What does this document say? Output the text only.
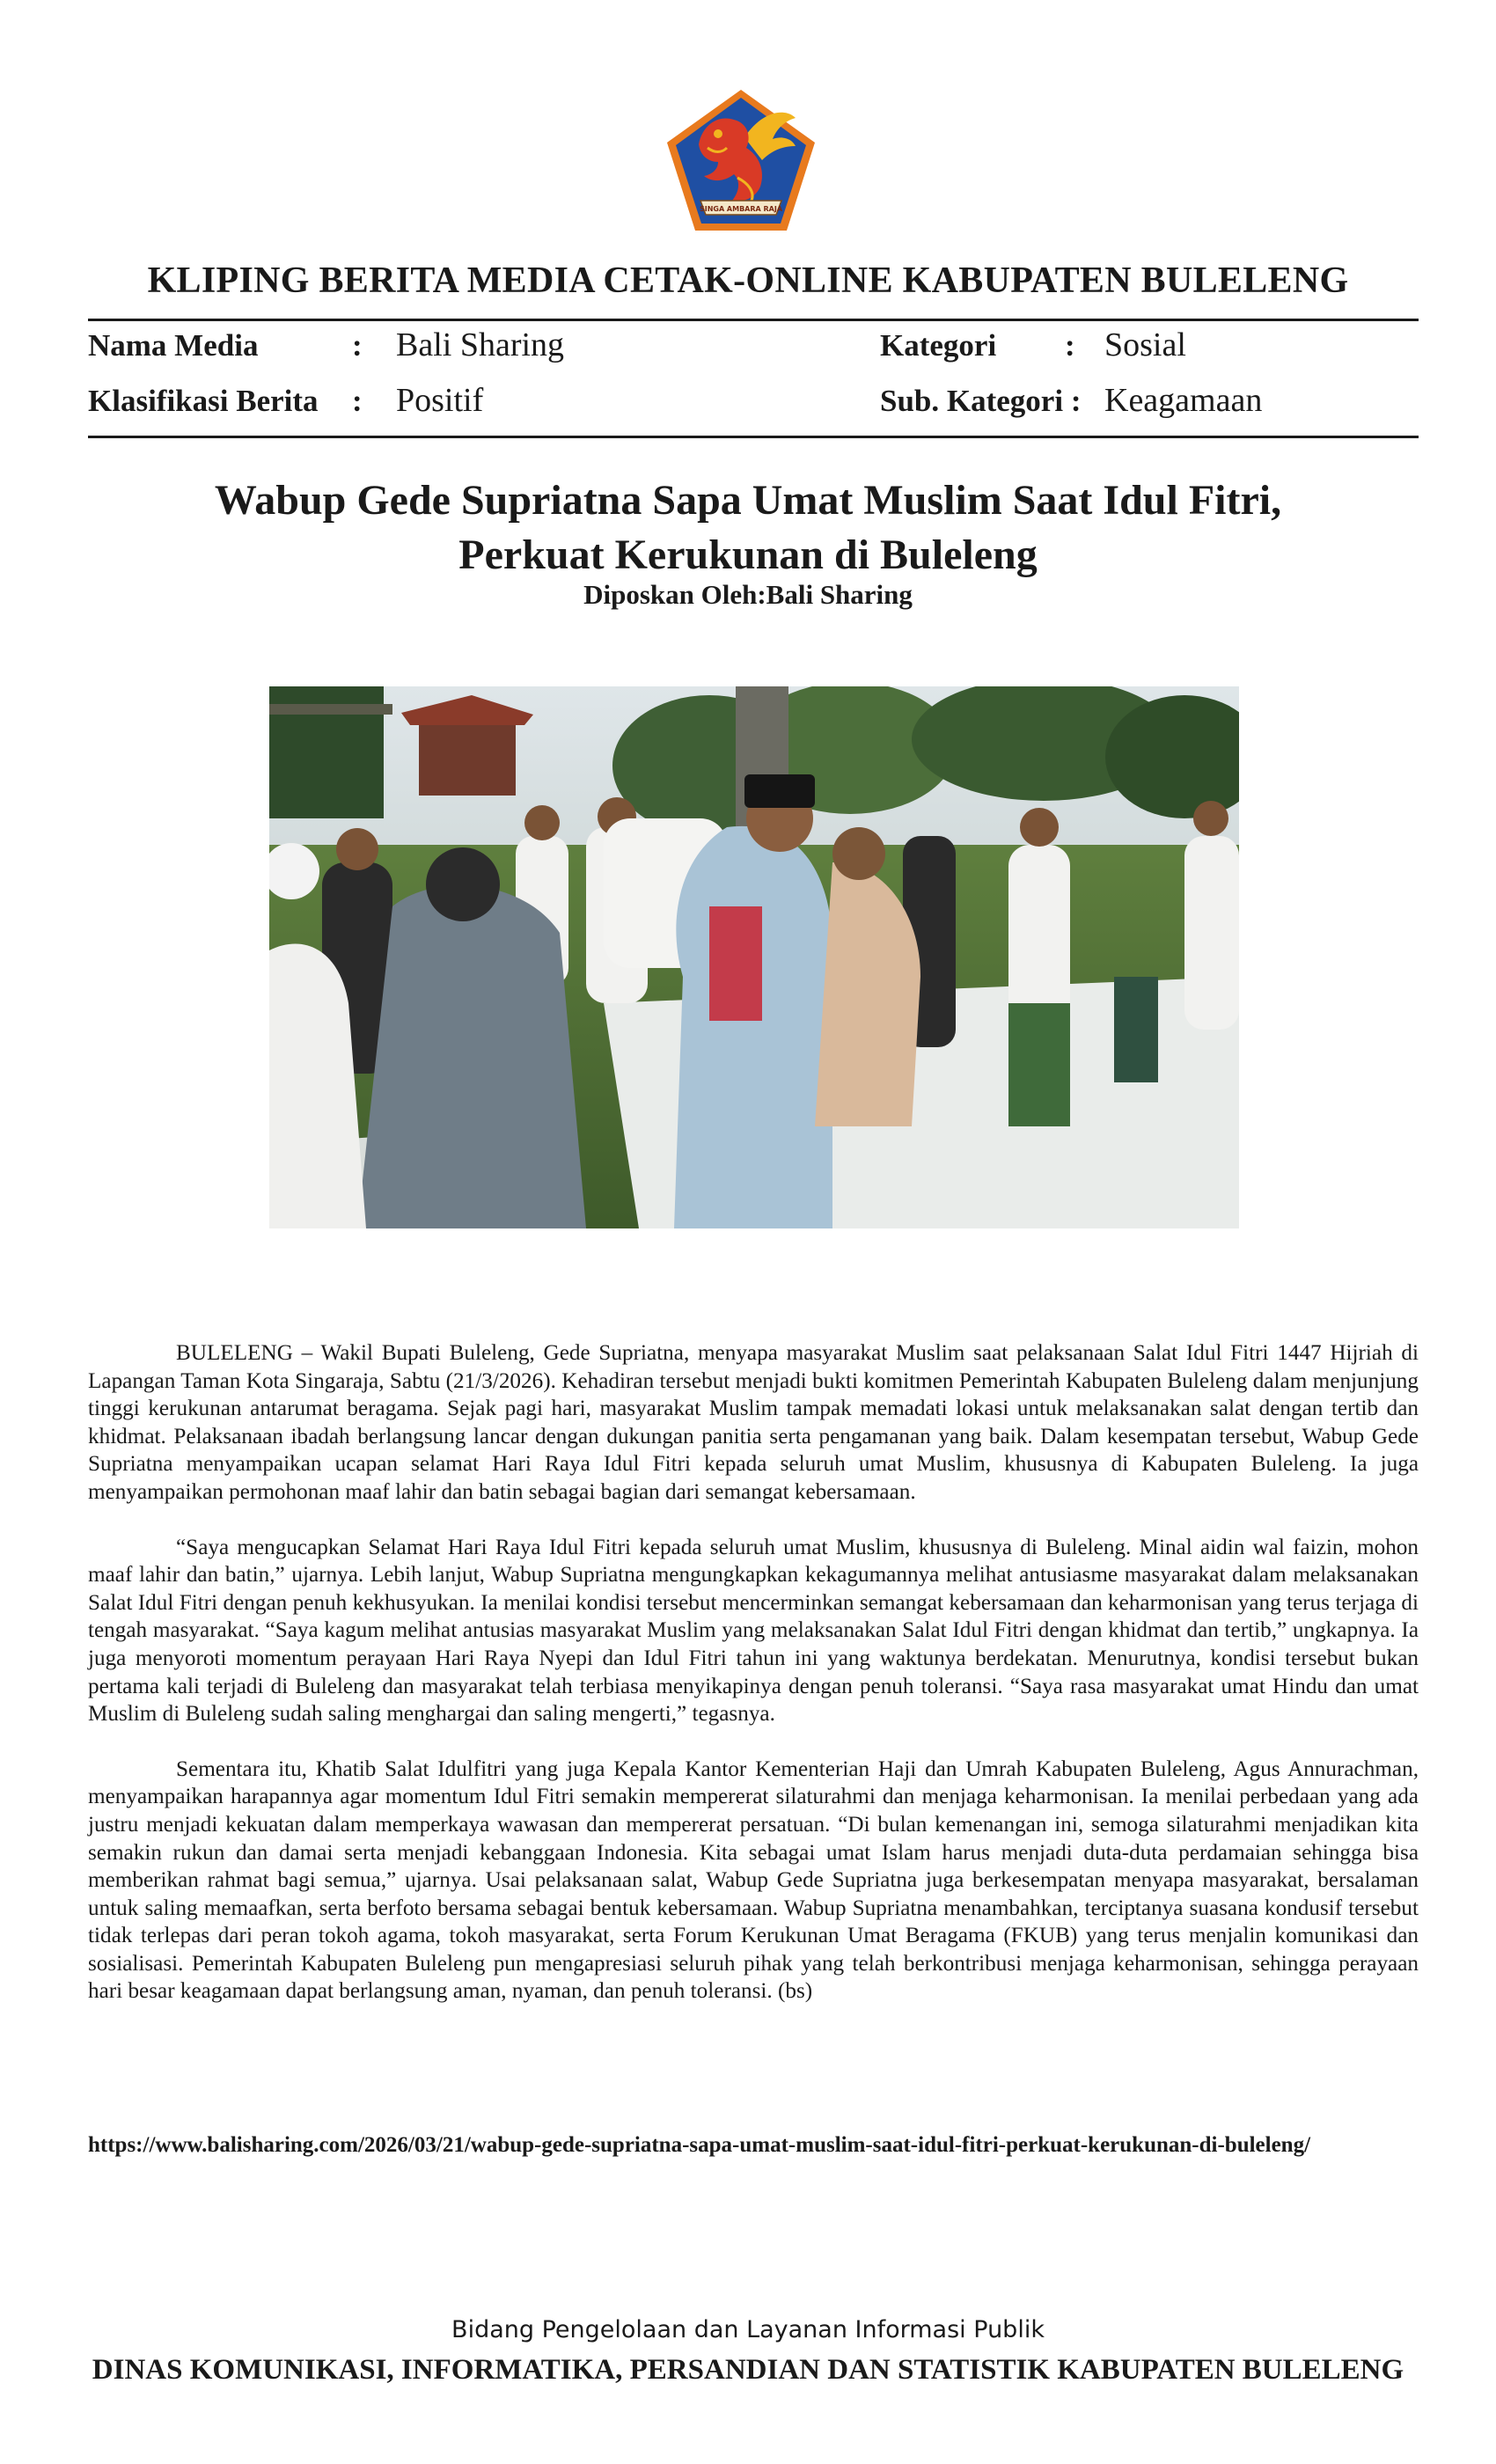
SINGA AMBARA RAJA
KLIPING BERITA MEDIA CETAK-ONLINE KABUPATEN BULELENG
Nama Media	: Bali Sharing	Kategori : Sosial
Klasifikasi Berita : Positif	Sub. Kategori : Keagamaan
Wabup Gede Supriatna Sapa Umat Muslim Saat Idul Fitri,
Perkuat Kerukunan di Buleleng
Diposkan Oleh:Bali Sharing

BULELENG – Wakil Bupati Buleleng, Gede Supriatna, menyapa masyarakat Muslim saat pelaksanaan Salat Idul Fitri 1447 Hijriah di Lapangan Taman Kota Singaraja, Sabtu (21/3/2026). Kehadiran tersebut menjadi bukti komitmen Pemerintah Kabupaten Buleleng dalam menjunjung tinggi kerukunan antarumat beragama. Sejak pagi hari, masyarakat Muslim tampak memadati lokasi untuk melaksanakan salat dengan tertib dan khidmat. Pelaksanaan ibadah berlangsung lancar dengan dukungan panitia serta pengamanan yang baik. Dalam kesempatan tersebut, Wabup Gede Supriatna menyampaikan ucapan selamat Hari Raya Idul Fitri kepada seluruh umat Muslim, khususnya di Kabupaten Buleleng. Ia juga menyampaikan permohonan maaf lahir dan batin sebagai bagian dari semangat kebersamaan.

“Saya mengucapkan Selamat Hari Raya Idul Fitri kepada seluruh umat Muslim, khususnya di Buleleng. Minal aidin wal faizin, mohon maaf lahir dan batin,” ujarnya. Lebih lanjut, Wabup Supriatna mengungkapkan kekagumannya melihat antusiasme masyarakat dalam melaksanakan Salat Idul Fitri dengan penuh kekhusyukan. Ia menilai kondisi tersebut mencerminkan semangat kebersamaan dan keharmonisan yang terus terjaga di tengah masyarakat. “Saya kagum melihat antusias masyarakat Muslim yang melaksanakan Salat Idul Fitri dengan khidmat dan tertib,” ungkapnya. Ia juga menyoroti momentum perayaan Hari Raya Nyepi dan Idul Fitri tahun ini yang waktunya berdekatan. Menurutnya, kondisi tersebut bukan pertama kali terjadi di Buleleng dan masyarakat telah terbiasa menyikapinya dengan penuh toleransi. “Saya rasa masyarakat umat Hindu dan umat Muslim di Buleleng sudah saling menghargai dan saling mengerti,” tegasnya.

Sementara itu, Khatib Salat Idulfitri yang juga Kepala Kantor Kementerian Haji dan Umrah Kabupaten Buleleng, Agus Annurachman, menyampaikan harapannya agar momentum Idul Fitri semakin mempererat silaturahmi dan menjaga keharmonisan. Ia menilai perbedaan yang ada justru menjadi kekuatan dalam memperkaya wawasan dan mempererat persatuan. “Di bulan kemenangan ini, semoga silaturahmi menjadikan kita semakin rukun dan damai serta menjadi kebanggaan Indonesia. Kita sebagai umat Islam harus menjadi duta-duta perdamaian sehingga bisa memberikan rahmat bagi semua,” ujarnya. Usai pelaksanaan salat, Wabup Gede Supriatna juga berkesempatan menyapa masyarakat, bersalaman untuk saling memaafkan, serta berfoto bersama sebagai bentuk kebersamaan. Wabup Supriatna menambahkan, terciptanya suasana kondusif tersebut tidak terlepas dari peran tokoh agama, tokoh masyarakat, serta Forum Kerukunan Umat Beragama (FKUB) yang terus menjalin komunikasi dan sosialisasi. Pemerintah Kabupaten Buleleng pun mengapresiasi seluruh pihak yang telah berkontribusi menjaga keharmonisan, sehingga perayaan hari besar keagamaan dapat berlangsung aman, nyaman, dan penuh toleransi. (bs)

https://www.balisharing.com/2026/03/21/wabup-gede-supriatna-sapa-umat-muslim-saat-idul-fitri-perkuat-kerukunan-di-buleleng/
Bidang Pengelolaan dan Layanan Informasi Publik
DINAS KOMUNIKASI, INFORMATIKA, PERSANDIAN DAN STATISTIK KABUPATEN BULELENG
